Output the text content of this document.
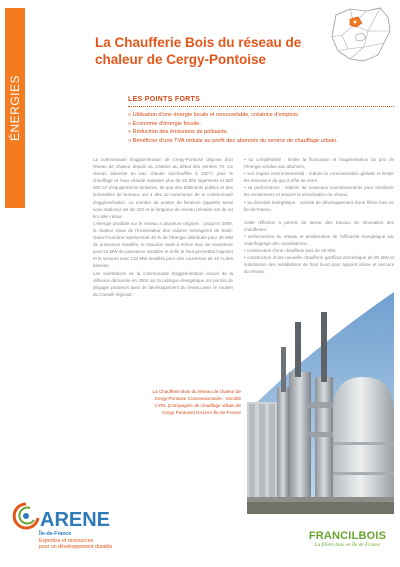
ÉNERGIES
La Chaufferie Bois du réseau de chaleur de Cergy-Pontoise
LES POINTS FORTS
» Utilisation d'une énergie locale et renouvelable, créatrice d'emplois.
» Économie d'énergie fossile.
» Réduction des émissions de polluants.
» Bénéficier d'une TVA réduite au profit des abonnés du service de chauffage urbain.

La communauté d'agglomération de Cergy-Pontoise dispose d'un réseau de chaleur depuis sa création au début des années 70. Ce réseau alimente en eau chaude surchauffée à 180°C pour le chauffage et l'eau chaude sanitaire plus de 25 000 logements et 600 000 m² d'équipements tertiaires, tel que des bâtiments publics et des immeubles de bureaux sur 4 des 12 communes de la communauté d'agglomération. Le nombre de postes de livraison (appelés aussi sous-stations) est de 320 et la longueur du réseau primaire est de 44 km aller-retour.

L'énergie produite sur le réseau a plusieurs origines : jusqu'en 2009, la chaleur issue de l'incinérateur des ordures ménagères de Saint-Ouen-l'Aumône représentait 45 % de l'énergie distribuée pour 30 MW de puissance installée, le chaudon avait à même taux de couverture pour 52 MW de puissance installée et enfin le fioul permettait l'appoint et le secours avec 134 MW installés pour une couverture de 10 % des besoins.

Les orientations de la communauté d'agglomération issues de la réflexion démarrée en 2004 sur la politique énergétique ont permis de dégager plusieurs axes de développement du réseau avec le soutien du Conseil régional :

• sa compétitivité : limiter la fluctuation et l'augmentation du prix de l'énergie vendue aux abonnés,
• son impact environnemental : réduire la consommation globale et limiter les émissions de gaz à effet de serre,
• sa performance : réaliser de nouveaux investissements pour améliorer les rendements et assurer la sécurisation du réseau,
• sa diversité énergétique : volonté de développement d'une filière bois en Île-de-France.

Cette réflexion a permis de lancer des travaux de rénovation des chaufferies :

• renforcement du réseau et amélioration de l'efficacité énergétique par calorifugeage des canalisations,
• construction d'une chaufferie bois de 25 MW,
• construction d'une nouvelle chaufferie gaz/fioul domestique de 80 MW et substitution des installations de fioul lourd pour appoint ultime et secours du réseau.
La Chaufferie Bois du réseau de chaleur de Cergy-Pontoise Concessionnaire : Société CYEL (Compagnie de chauffage urbain de Cergy Pontoise) DALKIA Île-de-France
ARENE
Île-de-France
Expertise et ressources
pour un développement durable
FRANCILBOIS
La filière bois en Île de France
